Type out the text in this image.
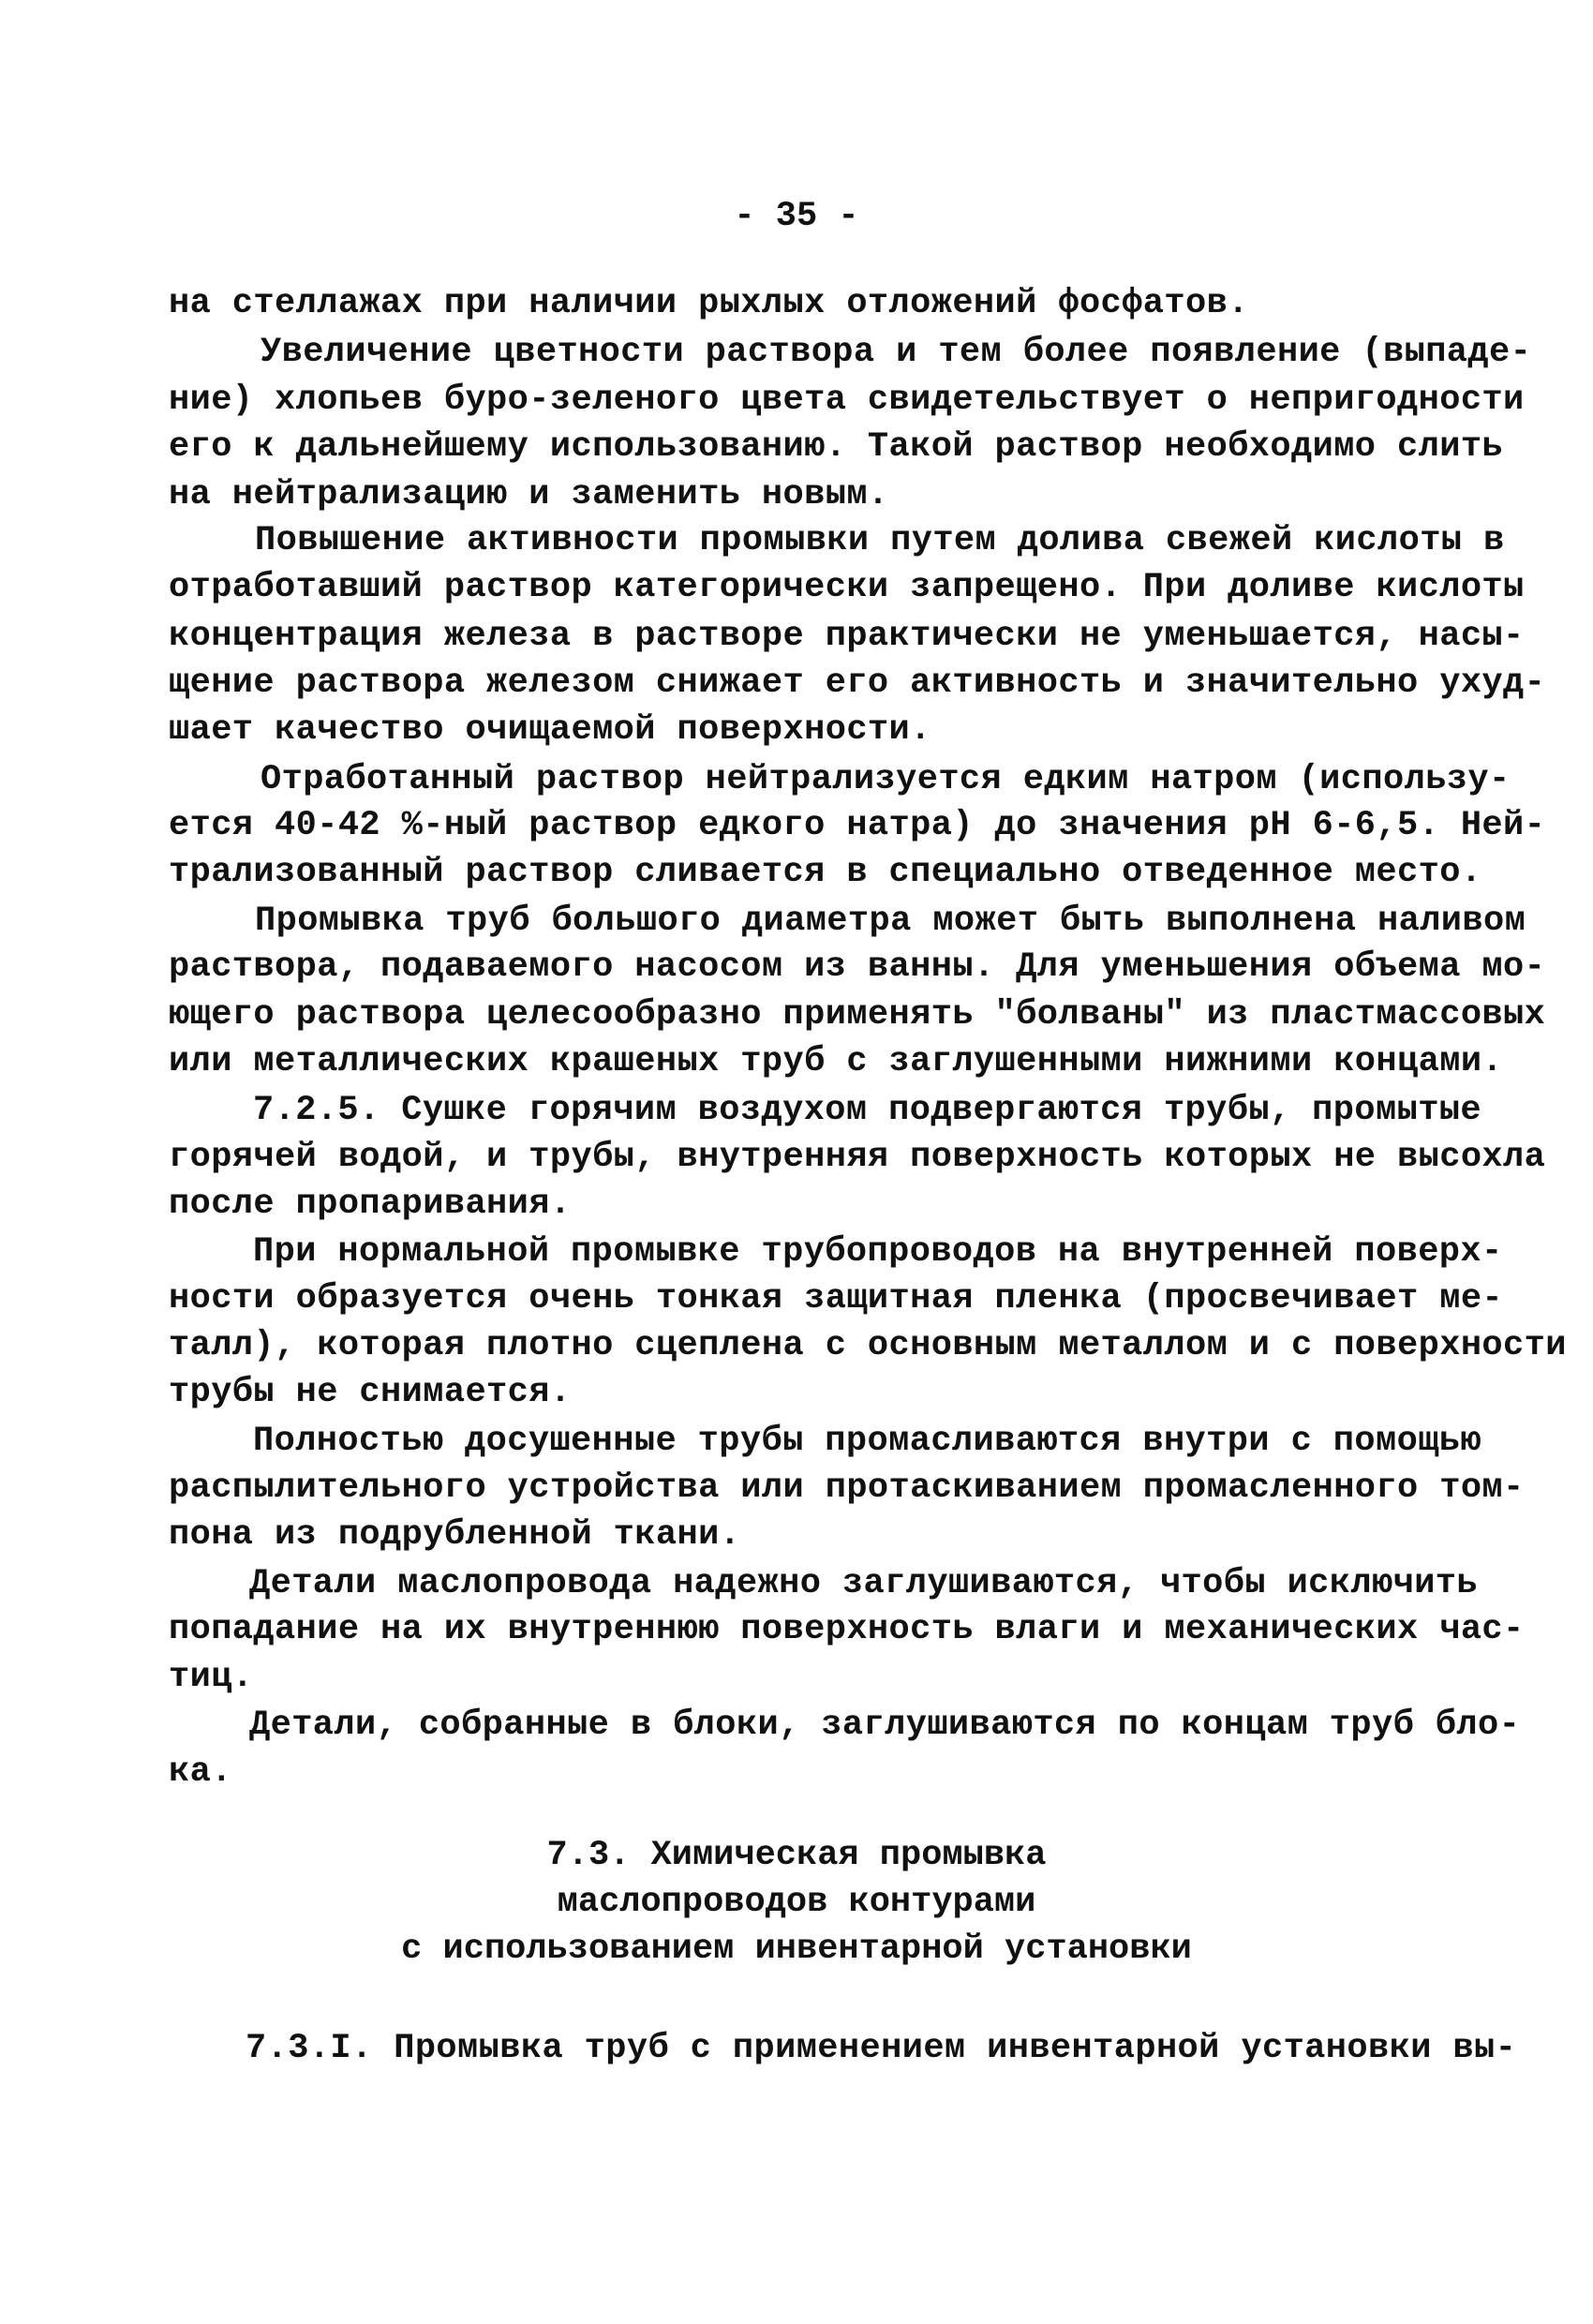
- 35 -
на стеллажах при наличии рыхлых отложений фосфатов.
Увеличение цветности раствора и тем более появление (выпаде-
ние) хлопьев буро-зеленого цвета свидетельствует о непригодности
его к дальнейшему использованию. Такой раствор необходимо слить
на нейтрализацию и заменить новым.
Повышение активности промывки путем долива свежей кислоты в
отработавший раствор категорически запрещено. При доливе кислоты
концентрация железа в растворе практически не уменьшается, насы-
щение раствора железом снижает его активность и значительно ухуд-
шает качество очищаемой поверхности.
Отработанный раствор нейтрализуется едким натром (использу-
ется 40-42 %-ный раствор едкого натра) до значения pH 6-6,5. Ней-
трализованный раствор сливается в специально отведенное место.
Промывка труб большого диаметра может быть выполнена наливом
раствора, подаваемого насосом из ванны. Для уменьшения объема мо-
ющего раствора целесообразно применять "болваны" из пластмассовых
или металлических крашеных труб с заглушенными нижними концами.
7.2.5. Сушке горячим воздухом подвергаются трубы, промытые
горячей водой, и трубы, внутренняя поверхность которых не высохла
после пропаривания.
При нормальной промывке трубопроводов на внутренней поверх-
ности образуется очень тонкая защитная пленка (просвечивает ме-
талл), которая плотно сцеплена с основным металлом и с поверхности
трубы не снимается.
Полностью досушенные трубы промасливаются внутри с помощью
распылительного устройства или протаскиванием промасленного том-
пона из подрубленной ткани.
Детали маслопровода надежно заглушиваются, чтобы исключить
попадание на их внутреннюю поверхность влаги и механических час-
тиц.
Детали, собранные в блоки, заглушиваются по концам труб бло-
ка.
7.3. Химическая промывка
маслопроводов контурами
с использованием инвентарной установки
7.3.I. Промывка труб с применением инвентарной установки вы-
